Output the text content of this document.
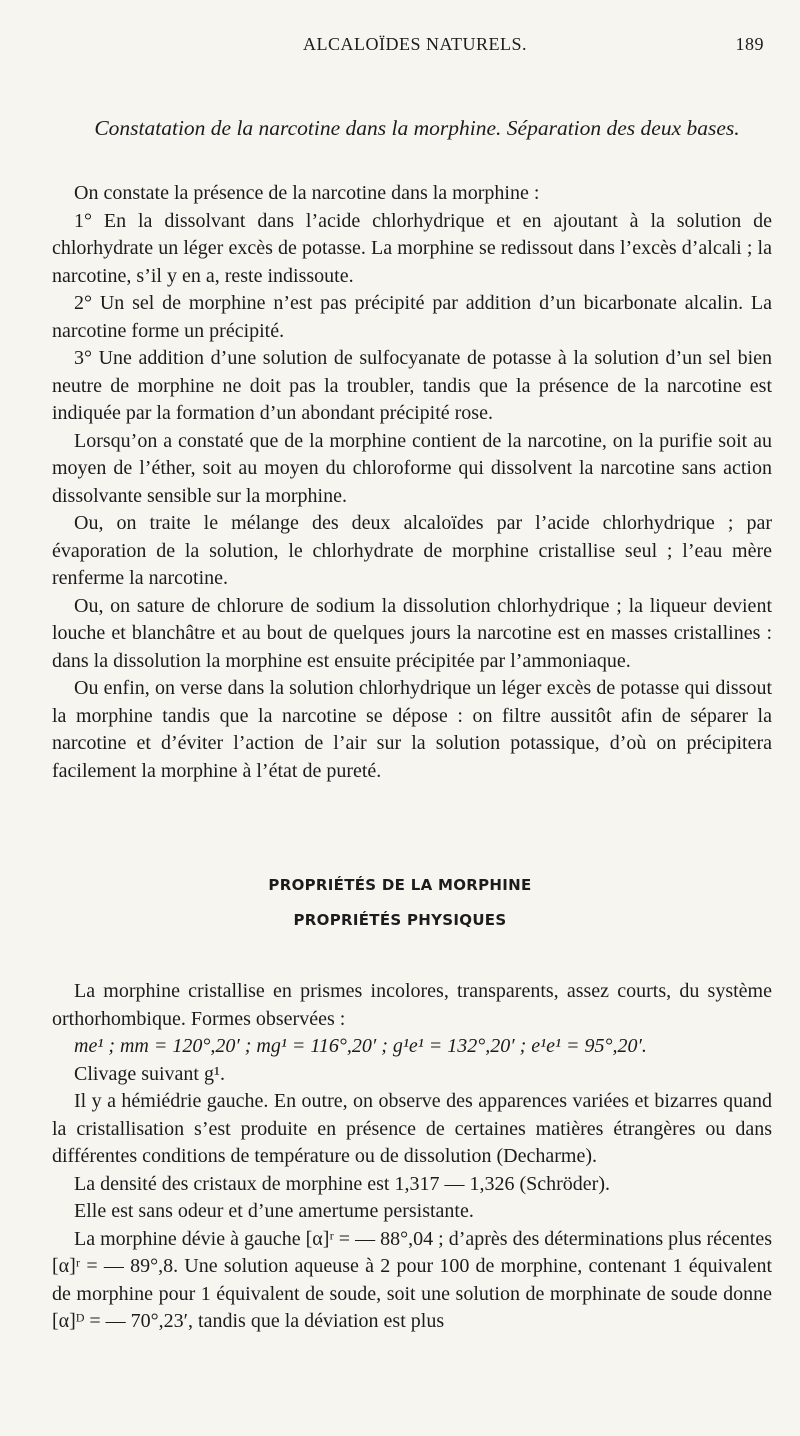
ALCALOÏDES NATURELS.	189
Constatation de la narcotine dans la morphine. Séparation des deux bases.

On constate la présence de la narcotine dans la morphine :

1° En la dissolvant dans l’acide chlorhydrique et en ajoutant à la solution de chlorhydrate un léger excès de potasse. La morphine se redissout dans l’excès d’alcali ; la narcotine, s’il y en a, reste indissoute.

2° Un sel de morphine n’est pas précipité par addition d’un bicarbonate alcalin. La narcotine forme un précipité.

3° Une addition d’une solution de sulfocyanate de potasse à la solution d’un sel bien neutre de morphine ne doit pas la troubler, tandis que la présence de la narcotine est indiquée par la formation d’un abondant précipité rose.

Lorsqu’on a constaté que de la morphine contient de la narcotine, on la purifie soit au moyen de l’éther, soit au moyen du chloroforme qui dissolvent la narcotine sans action dissolvante sensible sur la morphine.

Ou, on traite le mélange des deux alcaloïdes par l’acide chlorhydrique ; par évaporation de la solution, le chlorhydrate de morphine cristallise seul ; l’eau mère renferme la narcotine.

Ou, on sature de chlorure de sodium la dissolution chlorhydrique ; la liqueur devient louche et blanchâtre et au bout de quelques jours la narcotine est en masses cristallines : dans la dissolution la morphine est ensuite précipitée par l’ammoniaque.

Ou enfin, on verse dans la solution chlorhydrique un léger excès de potasse qui dissout la morphine tandis que la narcotine se dépose : on filtre aussitôt afin de séparer la narcotine et d’éviter l’action de l’air sur la solution potassique, d’où on précipitera facilement la morphine à l’état de pureté.

PROPRIÉTÉS DE LA MORPHINE
PROPRIÉTÉS PHYSIQUES

La morphine cristallise en prismes incolores, transparents, assez courts, du système orthorhombique. Formes observées :

me¹ ; mm = 120°,20′ ; mg¹ = 116°,20′ ; g¹e¹ = 132°,20′ ; e¹e¹ = 95°,20′.

Clivage suivant g¹.

Il y a hémiédrie gauche. En outre, on observe des apparences variées et bizarres quand la cristallisation s’est produite en présence de certaines matières étrangères ou dans différentes conditions de température ou de dissolution (Decharme).

La densité des cristaux de morphine est 1,317 — 1,326 (Schröder).

Elle est sans odeur et d’une amertume persistante.

La morphine dévie à gauche [α]ʳ = — 88°,04 ; d’après des déterminations plus récentes [α]ʳ = — 89°,8. Une solution aqueuse à 2 pour 100 de morphine, contenant 1 équivalent de morphine pour 1 équivalent de soude, soit une solution de morphinate de soude donne [α]ᴰ = — 70°,23′, tandis que la déviation est plus
